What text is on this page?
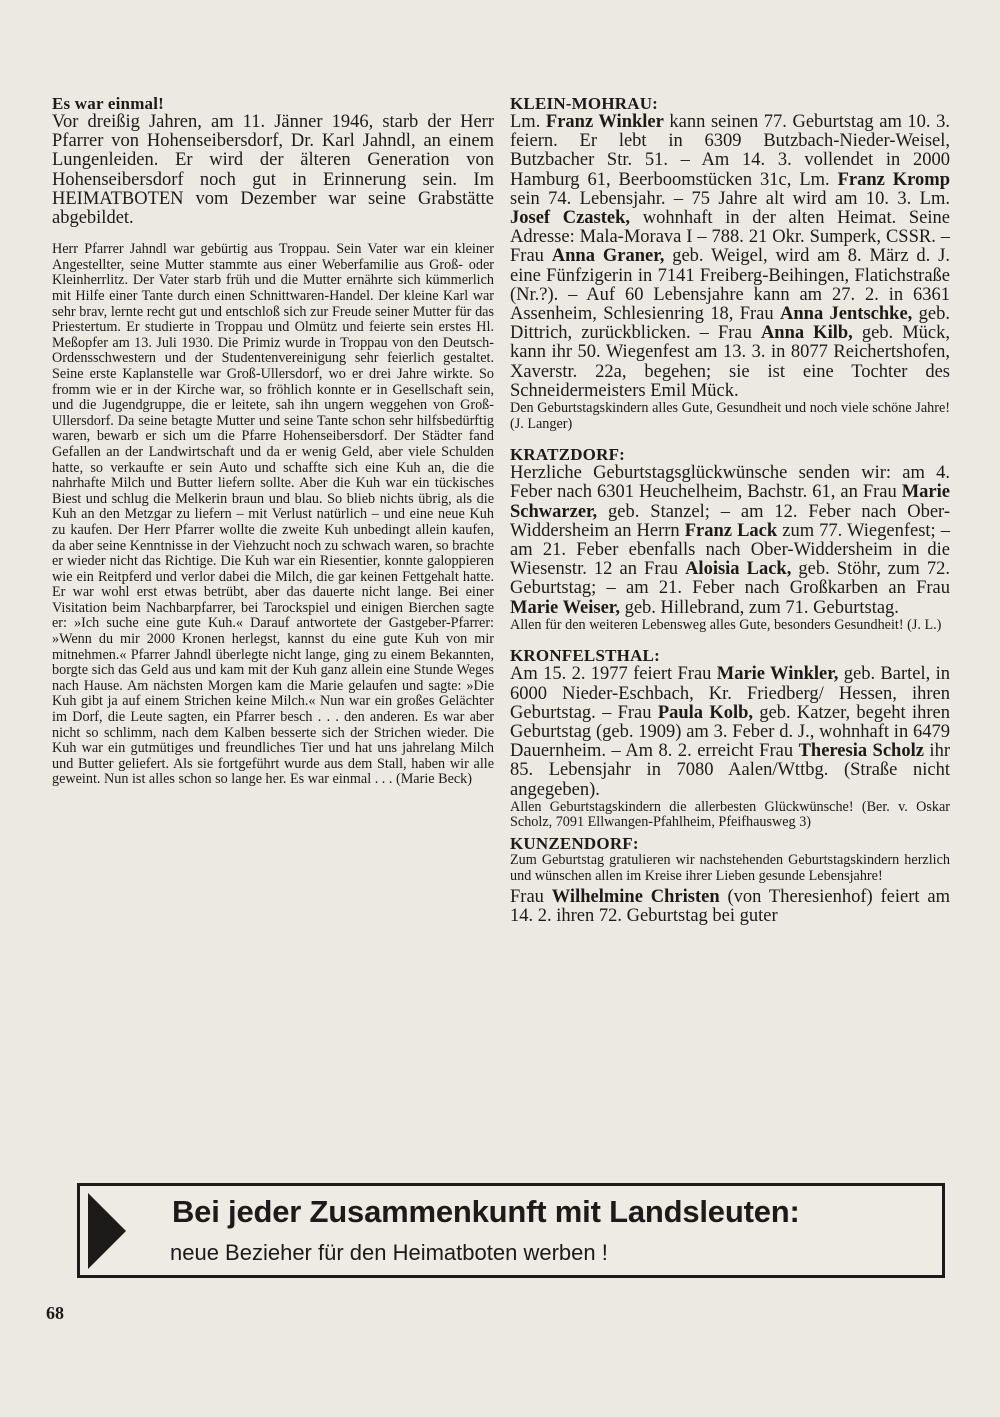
Es war einmal!

Vor dreißig Jahren, am 11. Jänner 1946, starb der Herr Pfarrer von Hohenseibersdorf, Dr. Karl Jahndl, an einem Lungenleiden. Er wird der älteren Generation von Hohenseibersdorf noch gut in Erinnerung sein. Im HEIMATBOTEN vom Dezember war seine Grabstätte abgebildet.

Herr Pfarrer Jahndl war gebürtig aus Troppau. Sein Vater war ein kleiner Angestellter, seine Mutter stammte aus einer Weberfamilie aus Groß- oder Kleinherrlitz. Der Vater starb früh und die Mutter ernährte sich kümmerlich mit Hilfe einer Tante durch einen Schnittwaren-Handel. Der kleine Karl war sehr brav, lernte recht gut und entschloß sich zur Freude seiner Mutter für das Priestertum. Er studierte in Troppau und Olmütz und feierte sein erstes Hl. Meßopfer am 13. Juli 1930. Die Primiz wurde in Troppau von den Deutsch-Ordensschwestern und der Studentenvereinigung sehr feierlich gestaltet. Seine erste Kaplanstelle war Groß-Ullersdorf, wo er drei Jahre wirkte. So fromm wie er in der Kirche war, so fröhlich konnte er in Gesellschaft sein, und die Jugendgruppe, die er leitete, sah ihn ungern weggehen von Groß-Ullersdorf. Da seine betagte Mutter und seine Tante schon sehr hilfsbedürftig waren, bewarb er sich um die Pfarre Hohenseibersdorf. Der Städter fand Gefallen an der Landwirtschaft und da er wenig Geld, aber viele Schulden hatte, so verkaufte er sein Auto und schaffte sich eine Kuh an, die die nahrhafte Milch und Butter liefern sollte. Aber die Kuh war ein tückisches Biest und schlug die Melkerin braun und blau. So blieb nichts übrig, als die Kuh an den Metzgar zu liefern – mit Verlust natürlich – und eine neue Kuh zu kaufen. Der Herr Pfarrer wollte die zweite Kuh unbedingt allein kaufen, da aber seine Kenntnisse in der Viehzucht noch zu schwach waren, so brachte er wieder nicht das Richtige. Die Kuh war ein Riesentier, konnte galoppieren wie ein Reitpferd und verlor dabei die Milch, die gar keinen Fettgehalt hatte. Er war wohl erst etwas betrübt, aber das dauerte nicht lange. Bei einer Visitation beim Nachbarpfarrer, bei Tarockspiel und einigen Bierchen sagte er: »Ich suche eine gute Kuh.« Darauf antwortete der Gastgeber-Pfarrer: »Wenn du mir 2000 Kronen herlegst, kannst du eine gute Kuh von mir mitnehmen.« Pfarrer Jahndl überlegte nicht lange, ging zu einem Bekannten, borgte sich das Geld aus und kam mit der Kuh ganz allein eine Stunde Weges nach Hause. Am nächsten Morgen kam die Marie gelaufen und sagte: »Die Kuh gibt ja auf einem Strichen keine Milch.« Nun war ein großes Gelächter im Dorf, die Leute sagten, ein Pfarrer besch . . . den anderen. Es war aber nicht so schlimm, nach dem Kalben besserte sich der Strichen wieder. Die Kuh war ein gutmütiges und freundliches Tier und hat uns jahrelang Milch und Butter geliefert. Als sie fortgeführt wurde aus dem Stall, haben wir alle geweint. Nun ist alles schon so lange her. Es war einmal . . . (Marie Beck)

KLEIN-MOHRAU:

Lm. Franz Winkler kann seinen 77. Geburtstag am 10. 3. feiern. Er lebt in 6309 Butzbach-Nieder-Weisel, Butzbacher Str. 51. – Am 14. 3. vollendet in 2000 Hamburg 61, Beerboomstücken 31c, Lm. Franz Kromp sein 74. Lebensjahr. – 75 Jahre alt wird am 10. 3. Lm. Josef Czastek, wohnhaft in der alten Heimat. Seine Adresse: Mala-Morava I – 788. 21 Okr. Sumperk, CSSR. – Frau Anna Graner, geb. Weigel, wird am 8. März d. J. eine Fünfzigerin in 7141 Freiberg-Beihingen, Flatichstraße (Nr.?). – Auf 60 Lebensjahre kann am 27. 2. in 6361 Assenheim, Schlesienring 18, Frau Anna Jentschke, geb. Dittrich, zurückblicken. – Frau Anna Kilb, geb. Mück, kann ihr 50. Wiegenfest am 13. 3. in 8077 Reichertshofen, Xaverstr. 22a, begehen; sie ist eine Tochter des Schneidermeisters Emil Mück.

Den Geburtstagskindern alles Gute, Gesundheit und noch viele schöne Jahre! (J. Langer)

KRATZDORF:

Herzliche Geburtstagsglückwünsche senden wir: am 4. Feber nach 6301 Heuchelheim, Bachstr. 61, an Frau Marie Schwarzer, geb. Stanzel; – am 12. Feber nach Ober-Widdersheim an Herrn Franz Lack zum 77. Wiegenfest; – am 21. Feber ebenfalls nach Ober-Widdersheim in die Wiesenstr. 12 an Frau Aloisia Lack, geb. Stöhr, zum 72. Geburtstag; – am 21. Feber nach Großkarben an Frau Marie Weiser, geb. Hillebrand, zum 71. Geburtstag.

Allen für den weiteren Lebensweg alles Gute, besonders Gesundheit! (J. L.)

KRONFELSTHAL:

Am 15. 2. 1977 feiert Frau Marie Winkler, geb. Bartel, in 6000 Nieder-Eschbach, Kr. Friedberg/ Hessen, ihren Geburtstag. – Frau Paula Kolb, geb. Katzer, begeht ihren Geburtstag (geb. 1909) am 3. Feber d. J., wohnhaft in 6479 Dauernheim. – Am 8. 2. erreicht Frau Theresia Scholz ihr 85. Lebensjahr in 7080 Aalen/Wttbg. (Straße nicht angegeben).

Allen Geburtstagskindern die allerbesten Glückwünsche! (Ber. v. Oskar Scholz, 7091 Ellwangen-Pfahlheim, Pfeifhausweg 3)

KUNZENDORF:

Zum Geburtstag gratulieren wir nachstehenden Geburtstagskindern herzlich und wünschen allen im Kreise ihrer Lieben gesunde Lebensjahre!

Frau Wilhelmine Christen (von Theresienhof) feiert am 14. 2. ihren 72. Geburtstag bei guter

Bei jeder Zusammenkunft mit Landsleuten:
neue Bezieher für den Heimatboten werben !
68
